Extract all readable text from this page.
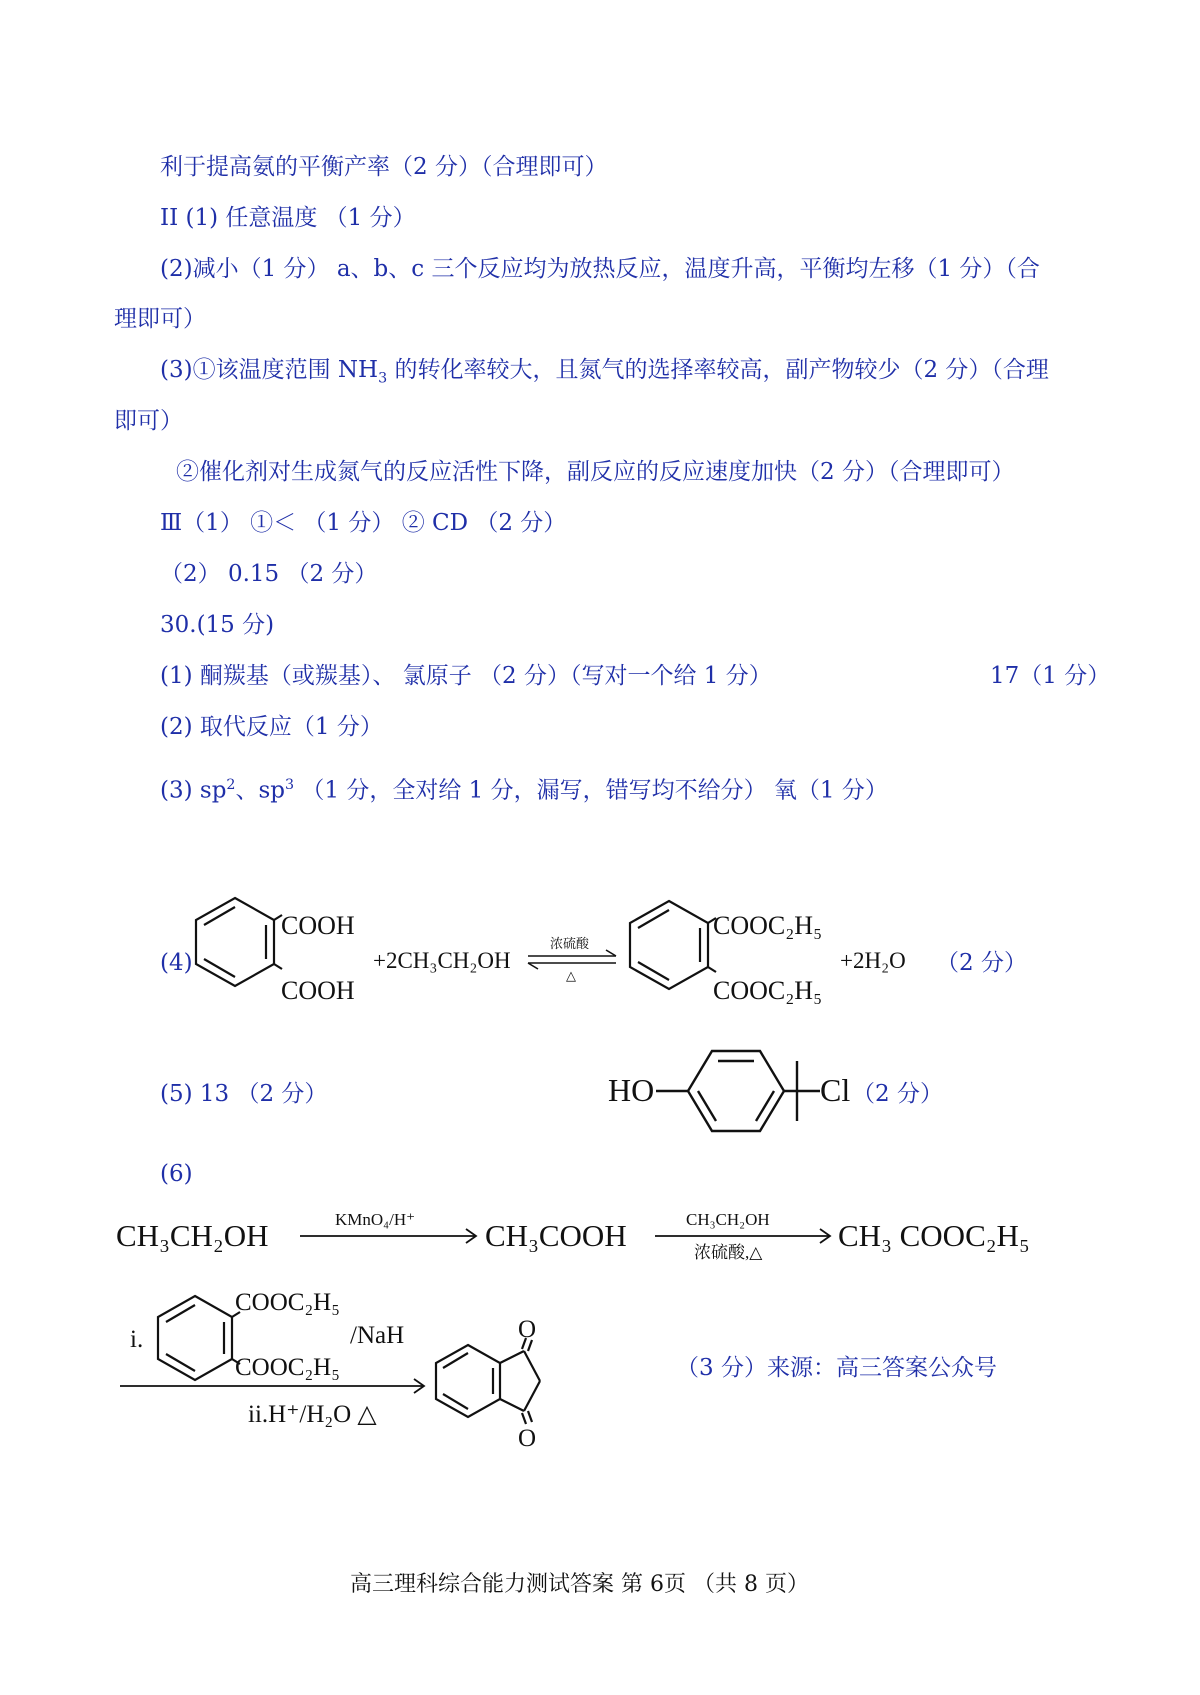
利于提高氨的平衡产率（2 分）（合理即可）
II (1) 任意温度 （1 分）
(2)减小（1 分） a、b、c 三个反应均为放热反应，温度升高，平衡均左移（1 分）（合
理即可）
(3)①该温度范围 $NH_3$ 的转化率较大，且氮气的选择率较高，副产物较少（2 分）（合理
即可）
②催化剂对生成氮气的反应活性下降，副反应的反应速度加快（2 分）（合理即可）
Ⅲ（1） ①＜ （1 分） ② CD （2 分）
（2） 0.15 （2 分）
30.(15 分)
(1) 酮羰基（或羰基）、 氯原子 （2 分）（写对一个给 1 分）	17（1 分）
(2) 取代反应（1 分）
(3) $sp^2$、$sp^3$ （1 分，全对给 1 分，漏写，错写均不给分） 氧（1 分）
(4)
COOH
COOH
+2CH₃CH₂OH
浓硫酸
△
COOC₂H₅
COOC₂H₅
+2H₂O （2 分）
(5) 13 （2 分）	HO	Cl （2 分）
(6)
CH₃CH₂OH	KMnO₄/H⁺ CH₃COOH	CH₃CH₂OH
浓硫酸,△ CH₃ COOC₂H₅
i.
COOC₂H₅
COOC₂H₅
/NaH
ii.H⁺/H₂O △
O
O
（3 分）来源：高三答案公众号
高三理科综合能力测试答案 第 6页 （共 8 页）
